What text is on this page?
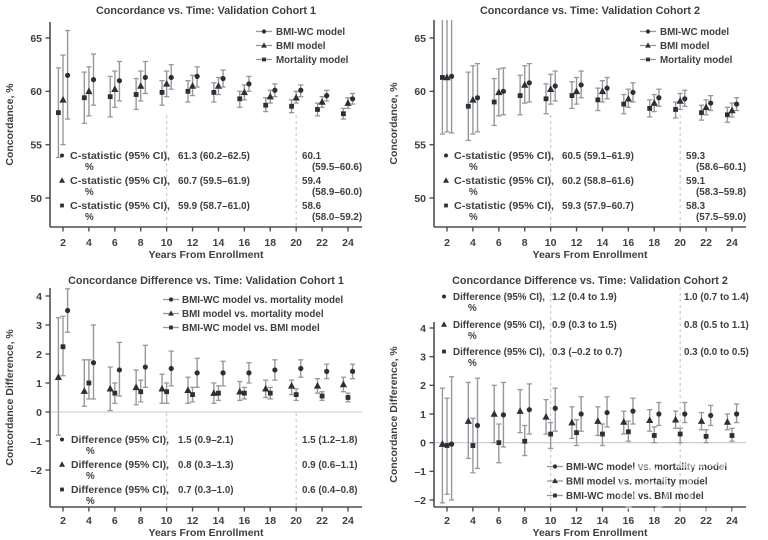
C-statistic (95% CI),
%
61.3 (60.2–62.5)	60.1
(59.5–60.6)
C-statistic (95% CI),
%
60.7 (59.5–61.9)	59.4
(58.9–60.0)
C-statistic (95% CI),
%
59.9 (58.7–61.0)	58.6
(58.0–59.2)
65
60
55
50
2 4 6 8 10 12 14 16 18 20 22 24
Concordance vs. Time: Validation Cohort 1
Years From Enrollment
Concordance, %
BMI-WC model
BMI model
Mortality model
C-statistic (95% CI),
%
60.5 (59.1–61.9)	59.3
(58.6–60.1)
C-statistic (95% CI),
%
60.2 (58.8–61.6)	59.1
(58.3–59.8)
C-statistic (95% CI),
%
59.3 (57.9–60.7)	58.3
(57.5–59.0)
65
60
55
50
2 4 6 8 10 12 14 16 18 20 22 24
Concordance vs. Time: Validation Cohort 2
Years From Enrollment
Concordance, %
BMI-WC model
BMI model
Mortality model
Difference (95% CI),
%
1.5 (0.9–2.1)	1.5 (1.2–1.8)
Difference (95% CI),
%
0.8 (0.3–1.3)	0.9 (0.6–1.1)
Difference (95% CI),
%
0.7 (0.3–1.0)	0.6 (0.4–0.8)
4
3
2
1
0
–1
–2
2 4 6 8 10 12 14 16 18 20 22 24
Concordance Difference vs. Time: Validation Cohort 1
Years From Enrollment
Concordance Difference, %
BMI-WC model vs. mortality model
BMI model vs. mortality model
BMI-WC model vs. BMI model
Difference (95% CI),
%
1.2 (0.4 to 1.9)	1.0 (0.7 to 1.4)
Difference (95% CI),
%
0.9 (0.3 to 1.5)	0.8 (0.5 to 1.1)
Difference (95% CI),
%
0.3 (–0.2 to 0.7)	0.3 (0.0 to 0.5)
4
3
2
1
0
–1
–2
2 4 6 8 10 12 14 16 18 20 22 24
Concordance Difference vs. Time: Validation Cohort 2
Years From Enrollment
Concordance Difference, %	BMI-WC model vs. mortality model
BMI model vs. mortality model
BMI-WC model vs. BMI model
